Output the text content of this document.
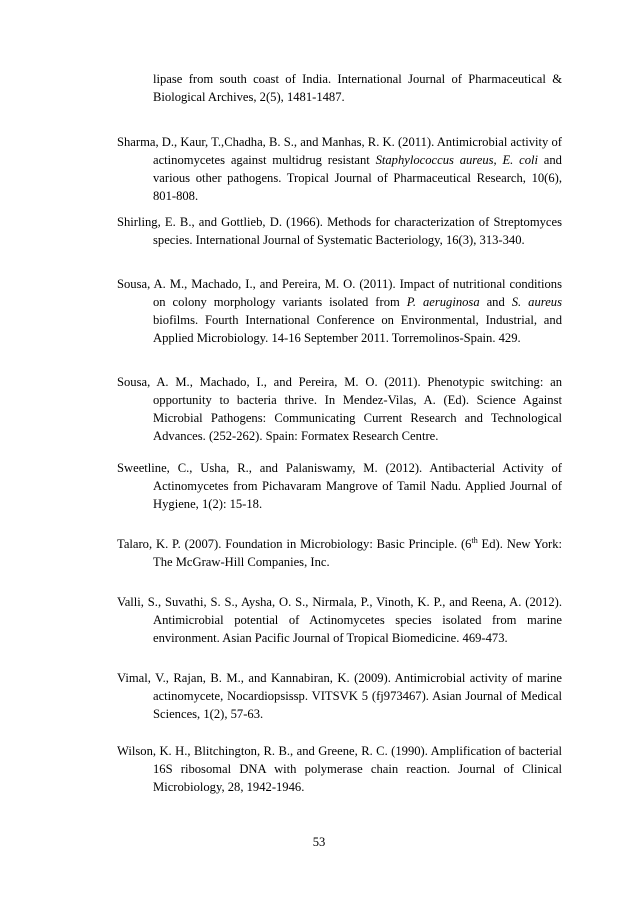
lipase from south coast of India. International Journal of Pharmaceutical & Biological Archives, 2(5), 1481-1487.
Sharma, D., Kaur, T.,Chadha, B. S., and Manhas, R. K. (2011). Antimicrobial activity of actinomycetes against multidrug resistant Staphylococcus aureus, E. coli and various other pathogens. Tropical Journal of Pharmaceutical Research, 10(6), 801-808.
Shirling, E. B., and Gottlieb, D. (1966). Methods for characterization of Streptomyces species. International Journal of Systematic Bacteriology, 16(3), 313-340.
Sousa, A. M., Machado, I., and Pereira, M. O. (2011). Impact of nutritional conditions on colony morphology variants isolated from P. aeruginosa and S. aureus biofilms. Fourth International Conference on Environmental, Industrial, and Applied Microbiology. 14-16 September 2011. Torremolinos-Spain. 429.
Sousa, A. M., Machado, I., and Pereira, M. O. (2011). Phenotypic switching: an opportunity to bacteria thrive. In Mendez-Vilas, A. (Ed). Science Against Microbial Pathogens: Communicating Current Research and Technological Advances. (252-262). Spain: Formatex Research Centre.
Sweetline, C., Usha, R., and Palaniswamy, M. (2012). Antibacterial Activity of Actinomycetes from Pichavaram Mangrove of Tamil Nadu. Applied Journal of Hygiene, 1(2): 15-18.
Talaro, K. P. (2007). Foundation in Microbiology: Basic Principle. (6th Ed). New York: The McGraw-Hill Companies, Inc.
Valli, S., Suvathi, S. S., Aysha, O. S., Nirmala, P., Vinoth, K. P., and Reena, A. (2012). Antimicrobial potential of Actinomycetes species isolated from marine environment. Asian Pacific Journal of Tropical Biomedicine. 469-473.
Vimal, V., Rajan, B. M., and Kannabiran, K. (2009). Antimicrobial activity of marine actinomycete, Nocardiopsissp. VITSVK 5 (fj973467). Asian Journal of Medical Sciences, 1(2), 57-63.
Wilson, K. H., Blitchington, R. B., and Greene, R. C. (1990). Amplification of bacterial 16S ribosomal DNA with polymerase chain reaction. Journal of Clinical Microbiology, 28, 1942-1946.
53
